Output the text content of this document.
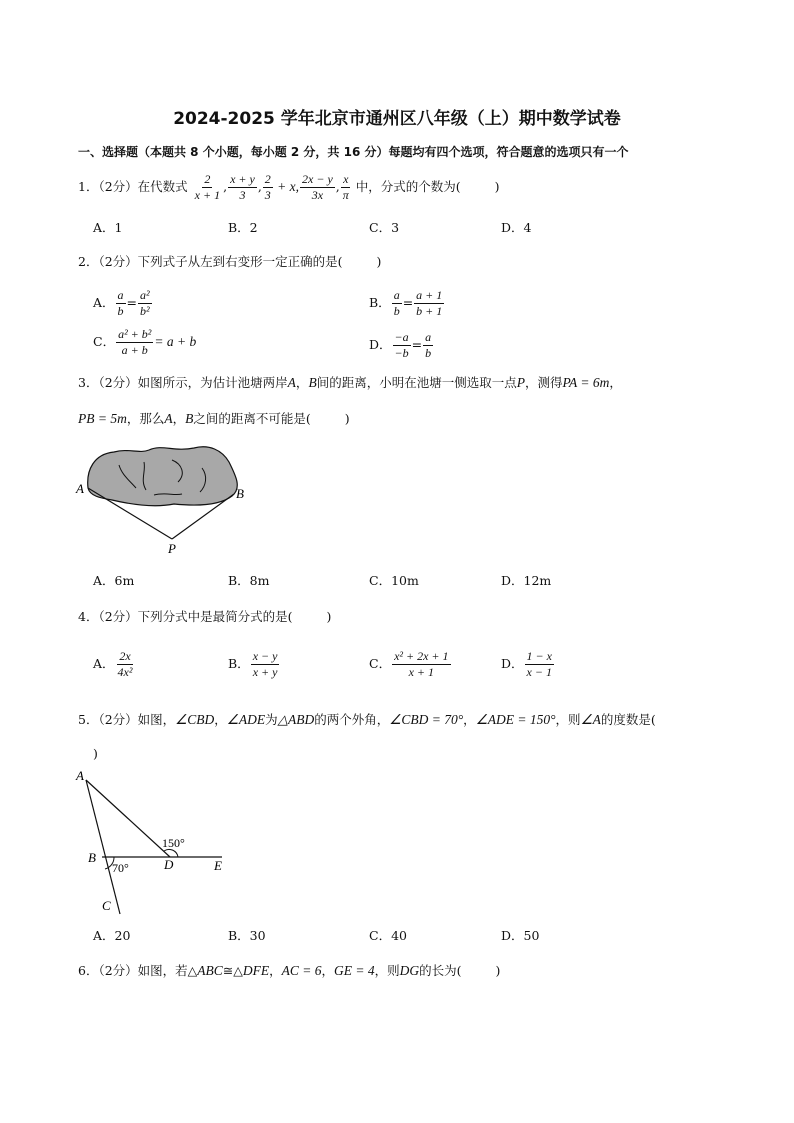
2024-2025 学年北京市通州区八年级（上）期中数学试卷
一、选择题（本题共 8 个小题，每小题 2 分，共 16 分）每题均有四个选项，符合题意的选项只有一个
1．（2分）在代数式 $\frac{2}{x + 1}$ , $\frac{x + y}{3}$ , $\frac{2}{3} + x$, $\frac{2x - y}{3x}$ , $\frac{x}{\pi}$ 中，分式的个数为(	)
A．1	B．2	C．3	D．4
2．（2分）下列式子从左到右变形一定正确的是(	)
A． $\frac{a}{b} = \frac{\text{a²}}{\text{b²}}$	B． $\frac{a}{b} = \frac{a + 1}{b + 1}$
C． $\frac{\text{a² + b²}}{a + b} = a + b$	D． $\frac{-a}{-b} = \frac{a}{b}$
3．（2分）如图所示，为估计池塘两岸A，B间的距离，小明在池塘一侧选取一点P，测得PA = 6m，
PB = 5m，那么A，B之间的距离不可能是(	)
A	B
P
A．6m	B．8m	C．10m	D．12m
4．（2分）下列分式中是最简分式的是(	)
A． $\frac{2x}{\text{4x²}}$	B． $\frac{x - y}{x + y}$	C． $\frac{\text{x² + 2x + 1}}{x + 1}$	D． $\frac{1 - x}{x - 1}$
5．（2分）如图，∠CBD，∠ADE为△ABD的两个外角，∠CBD = 70°，∠ADE = 150°，则∠A的度数是(
)
A
B
C
D	E
150°
70°
A．20	B．30	C．40	D．50
6．（2分）如图，若△ABC≅△DFE，AC = 6，GE = 4，则DG的长为(	)
